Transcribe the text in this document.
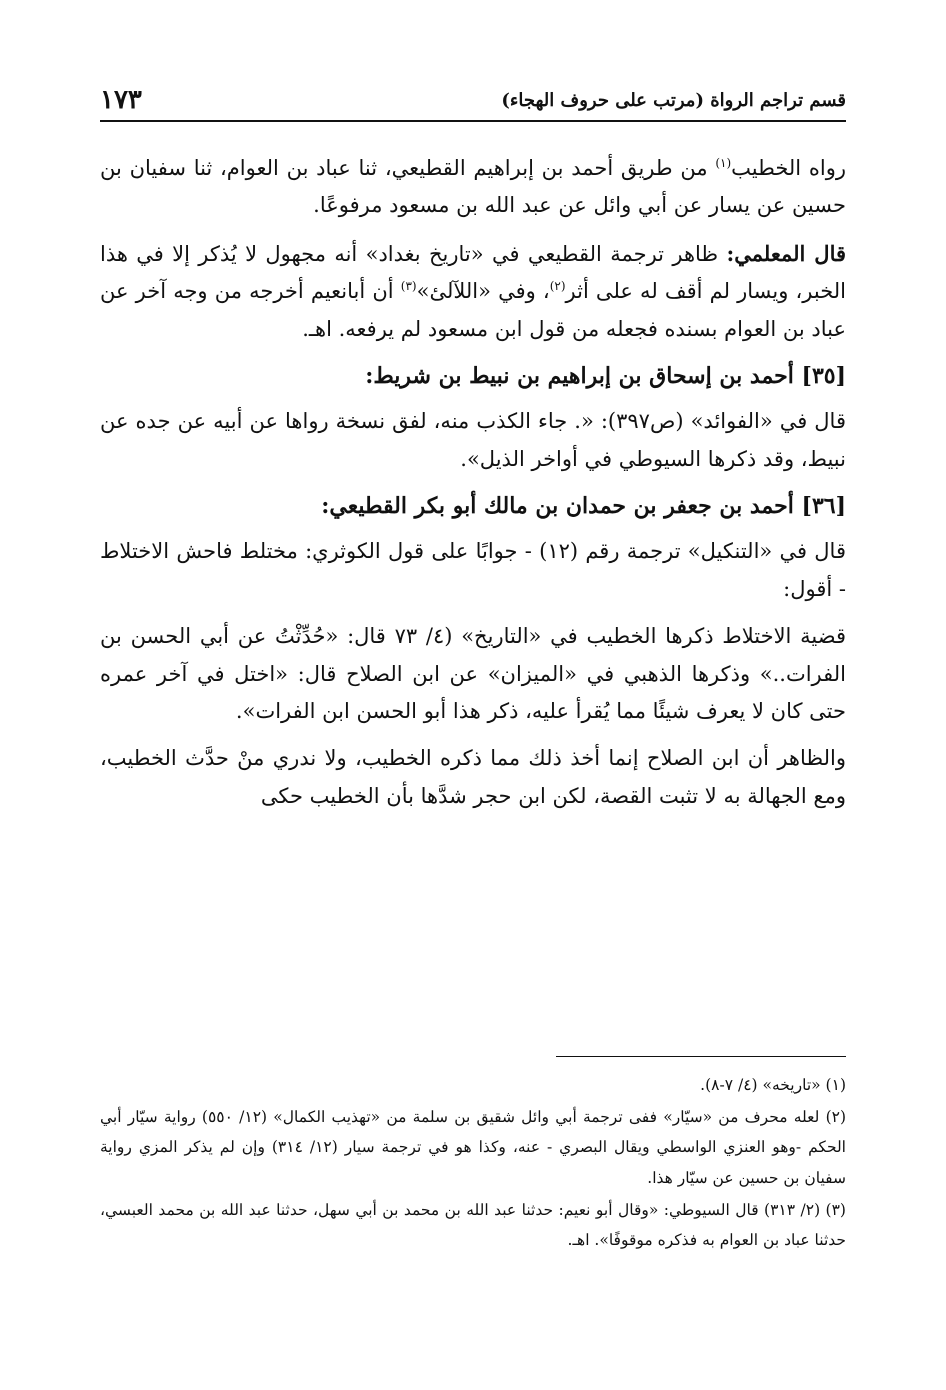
قسم تراجم الرواة (مرتب على حروف الهجاء)
١٧٣

رواه الخطيب$^{(١)}$ من طريق أحمد بن إبراهيم القطيعي، ثنا عباد بن العوام، ثنا سفيان بن حسين عن يسار عن أبي وائل عن عبد الله بن مسعود مرفوعًا.

قال المعلمي: ظاهر ترجمة القطيعي في «تاريخ بغداد» أنه مجهول لا يُذكر إلا في هذا الخبر، ويسار لم أقف له على أثر$^{(٢)}$، وفي «اللآلئ»$^{(٣)}$ أن أبانعيم أخرجه من وجه آخر عن عباد بن العوام بسنده فجعله من قول ابن مسعود لم يرفعه. اهـ.

[٣٥] أحمد بن إسحاق بن إبراهيم بن نبيط بن شريط:

قال في «الفوائد» (ص٣٩٧): «. جاء الكذب منه، لفق نسخة رواها عن أبيه عن جده عن نبيط، وقد ذكرها السيوطي في أواخر الذيل».

[٣٦] أحمد بن جعفر بن حمدان بن مالك أبو بكر القطيعي:

قال في «التنكيل» ترجمة رقم (١٢) - جوابًا على قول الكوثري: مختلط فاحش الاختلاط - أقول:

قضية الاختلاط ذكرها الخطيب في «التاريخ» (٤/ ٧٣ قال: «حُدِّثْتُ عن أبي الحسن بن الفرات..» وذكرها الذهبي في «الميزان» عن ابن الصلاح قال: «اختل في آخر عمره حتى كان لا يعرف شيئًا مما يُقرأ عليه، ذكر هذا أبو الحسن ابن الفرات».

والظاهر أن ابن الصلاح إنما أخذ ذلك مما ذكره الخطيب، ولا ندري منْ حدَّث الخطيب، ومع الجهالة به لا تثبت القصة، لكن ابن حجر شدَّها بأن الخطيب حكى

(١) «تاريخه» (٤/ ٧-٨).

(٢) لعله محرف من «سيّار» ففى ترجمة أبي وائل شقيق بن سلمة من «تهذيب الكمال» (١٢/ ٥٥٠) رواية سيّار أبي الحكم -وهو العنزي الواسطي ويقال البصري - عنه، وكذا هو في ترجمة سيار (١٢/ ٣١٤) وإن لم يذكر المزي رواية سفيان بن حسين عن سيّار هذا.

(٣) (٢/ ٣١٣) قال السيوطي: «وقال أبو نعيم: حدثنا عبد الله بن محمد بن أبي سهل، حدثنا عبد الله بن محمد العبسي، حدثنا عباد بن العوام به فذكره موقوفًا». اهـ.
